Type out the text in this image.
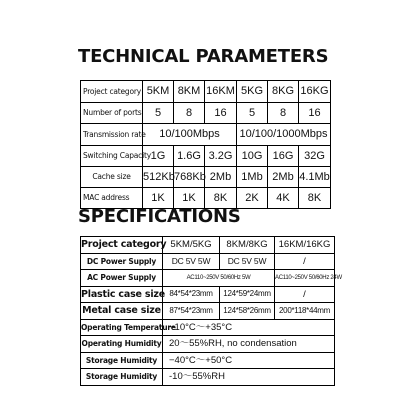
TECHNICAL PARAMETERS
Project category	5KM	8KM	16KM	5KG	8KG	16KG
Number of ports	5	8	16	5	8	16
Transmission rate	10/100Mbps			10/100/1000Mbps		
Switching Capacity	1G	1.6G	3.2G	10G	16G	32G
Cache size	512Kb	768Kb	2Mb	1Mb	2Mb	4.1Mb
MAC address	1K	1K	8K	2K	4K	8K
SPECIFICATIONS
Project category	5KM/5KG	8KM/8KG	16KM/16KG
DC Power Supply	DC 5V 5W	DC 5V 5W	/
AC Power Supply	AC110~250V 50/60Hz 5W		AC110~250V 50/60Hz 24W
Plastic case size	84*54*23mm	124*59*24mm	/
Metal case size	87*54*23mm	124*58*26mm	200*118*44mm
Operating Temperature	−10°C～+35°C		
Operating Humidity	20～55%RH, no condensation		
Storage Humidity	−40°C～+50°C		
Storage Humidity	-10～55%RH		
